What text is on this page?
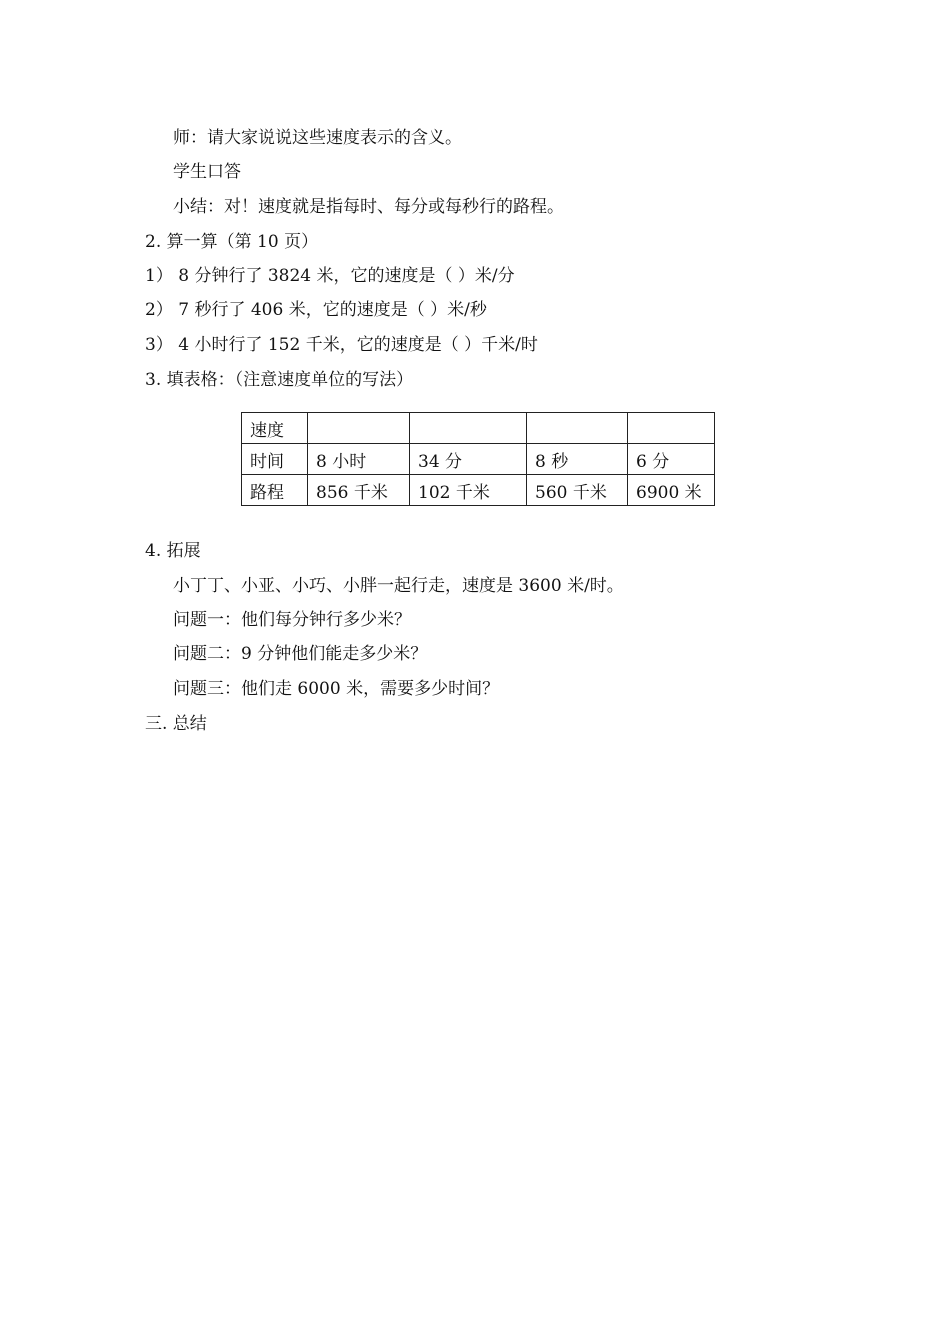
师：请大家说说这些速度表示的含义。
学生口答
小结：对！速度就是指每时、每分或每秒行的路程。
2. 算一算（第 10 页）
1） 8 分钟行了 3824 米，它的速度是（ ）米/分
2） 7 秒行了 406 米，它的速度是（ ）米/秒
3） 4 小时行了 152 千米，它的速度是（ ）千米/时
3. 填表格：（注意速度单位的写法）
速度				
时间	8 小时	34 分	8 秒	6 分
路程	856 千米	102 千米	560 千米	6900 米
4. 拓展
小丁丁、小亚、小巧、小胖一起行走，速度是 3600 米/时。
问题一：他们每分钟行多少米？
问题二：9 分钟他们能走多少米？
问题三：他们走 6000 米，需要多少时间？
三. 总结
